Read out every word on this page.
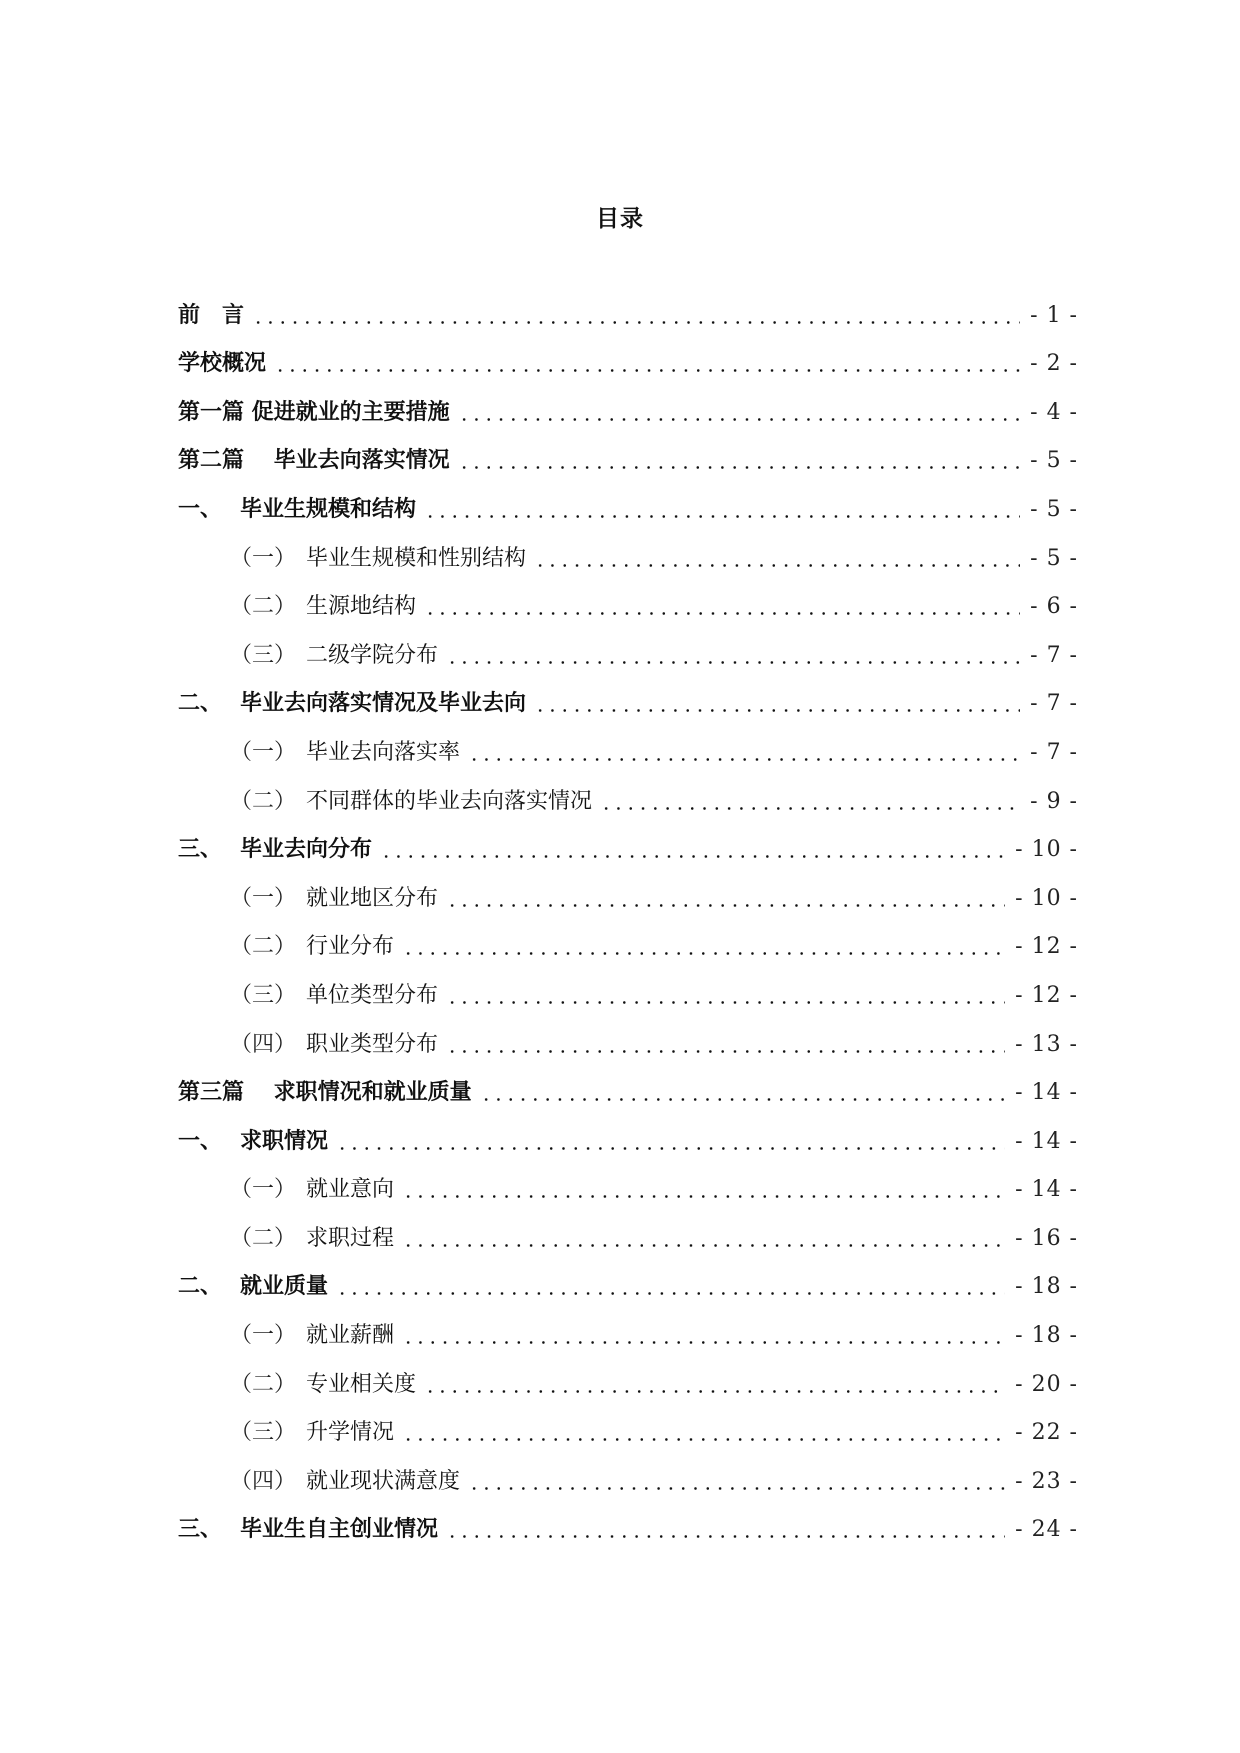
目录
前　言	- 1 -
学校概况	- 2 -
第一篇 促进就业的主要措施	- 4 -
第二篇　 毕业去向落实情况	- 5 -
一、 毕业生规模和结构	- 5 -
（一） 毕业生规模和性别结构	- 5 -
（二） 生源地结构	- 6 -
（三） 二级学院分布	- 7 -
二、 毕业去向落实情况及毕业去向	- 7 -
（一） 毕业去向落实率	- 7 -
（二） 不同群体的毕业去向落实情况	- 9 -
三、 毕业去向分布	- 10 -
（一） 就业地区分布	- 10 -
（二） 行业分布	- 12 -
（三） 单位类型分布	- 12 -
（四） 职业类型分布	- 13 -
第三篇　 求职情况和就业质量	- 14 -
一、 求职情况	- 14 -
（一） 就业意向	- 14 -
（二） 求职过程	- 16 -
二、 就业质量	- 18 -
（一） 就业薪酬	- 18 -
（二） 专业相关度	- 20 -
（三） 升学情况	- 22 -
（四） 就业现状满意度	- 23 -
三、 毕业生自主创业情况	- 24 -
